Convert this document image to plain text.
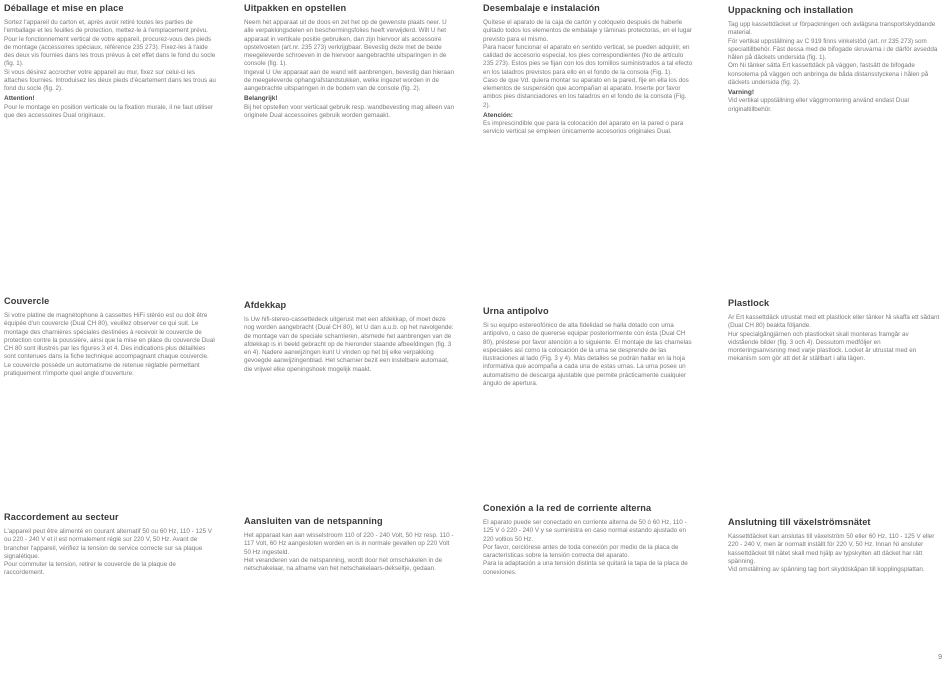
Déballage et mise en place

Sortez l'appareil du carton et, après avoir retiré toutes les parties de l'emballage et les feuilles de protection, mettez-le à l'emplacement prévu.

Pour le fonctionnement vertical de votre appareil, procurez-vous des pieds de montage (accessoires spéciaux, référence 235 273). Fixez-les à l'aide des deux vis fournies dans les trous prévus à cet effet dans le fond du socle (fig. 1).

Si vous désirez accrocher votre appareil au mur, fixez sur celui-ci les attaches fournies. Introduisez les deux pieds d'écartement dans les trous au fond du socle (fig. 2).

Attention!

Pour le montage en position verticale ou la fixation murale, il ne faut utiliser que des accessoires Dual originaux.

Couvercle

Si votre platine de magnétophone à cassettes HiFi stéréo est ou doit être équipée d'un couvercle (Dual CH 80), veuillez observer ce qui suit. Le montage des charnières spéciales destinées à recevoir le couvercle de protection contre la poussière, ainsi que la mise en place du couvercle Dual CH 80 sont illustrés par les figures 3 et 4. Des indications plus détaillées sont contenues dans la fiche technique accompagnant chaque couvercle. Le couvercle possède un automatisme de retenue réglable permettant pratiquement n'importe quel angle d'ouverture.

Raccordement au secteur

L'appareil peut être alimenté en courant alternatif 50 ou 60 Hz, 110 - 125 V ou 220 - 240 V et il est normalement réglé sur 220 V, 50 Hz. Avant de brancher l'appareil, vérifiez la tension de service correcte sur sa plaque signalétique.

Pour commuter la tension, retirer le couvercle de la plaque de raccordement.

Uitpakken en opstellen

Neem het apparaat uit de doos en zet het op de gewenste plaats neer. U alle verpakkingsdelen en beschermingsfolies heeft verwijderd. Wilt U het apparaat in vertikale positie gebruiken, dan zijn hiervoor als accessoire opstelvoeten (art.nr. 235 273) verkrijgbaar. Bevestig deze met de beide meegeleverde schroeven in de hiervoor aangebrachte uitsparingen in de console (fig. 1).

Ingeval U Uw apparaat aan de wand wilt aanbrengen, bevestig dan hieraan de meegeleverde ophang/afstandstukken, welke ingezet worden in de aangebrachte uitsparingen in de bodem van de console (fig. 2).

Belangrijk!

Bij het opstellen voor verticaal gebruik resp. wandbevesting mag alleen van originele Dual accessoires gebruik worden gemaakt.

Afdekkap

Is Uw hifi-stereo-cassettedeck uitgerust met een afdekkap, of moet deze nog worden aangebracht (Dual CH 80), let U dan a.u.b. op het navolgende: de montage van de speciale scharnieren, alsmede het aanbrengen van de afdekkap is in beeld gebracht op de hieronder staande afbeeldingen (fig. 3 en 4). Nadere aanwijzingen kunt U vinden op het bij elke verpakking gevoegde aanwijzingenblad. Het scharnier bezit een instelbare automaat, die vrijwel elke openingshoek mogelijk maakt.

Aansluiten van de netspanning

Het apparaat kan aan wisselstroom 110 of 220 - 240 Volt, 50 Hz resp. 110 - 117 Volt, 60 Hz aangesloten worden en is in normale gevallen op 220 Volt 50 Hz ingesteld.

Het veranderen van de netspanning, wordt door het omschakelen in de netschakelaar, na afname van het netschakelaars-dekseltje, gedaan.

Desembalaje e instalación

Quítese el aparato de la caja de cartón y colóquelo después de haberle quitado todos los elementos de embalaje y láminas protectoras, en el lugar previsto para el mismo.

Para hacer funcionar el aparato en sentido vertical, se pueden adquirir, en calidad de accesorio especial, los pies correspondientes (No de artículo 235 273). Estos pies se fijan con los dos tornillos suministrados a tal efecto en los taladros previstos para ello en el fondo de la consola (Fig. 1).

Caso de que Vd. quiera montar su aparato en la pared, fije en ella los dos elementos de suspensión que acompañan al aparato. Inserte por favor ambos pies distanciadores en los taladros en el fondo de la consola (Fig. 2).

Atención:

Es imprescindible que para la colocación del aparato en la pared o para servicio vertical se empleen únicamente accesorios originales Dual.

Urna antipolvo

Si su equipo estereofónico de alta fidelidad se halla dotado con urna antipolvo, o caso de quererse equipar posteriormente con ésta (Dual CH 80), préstese por favor atención a lo siguiente. El montaje de las charnelas especiales así como la colocación de la urna se desprende de las ilustraciones al lado (Fig. 3 y 4). Más detalles se podrán hallar en la hoja informativa que acompaña a cada una de estas urnas. La urna posee un automatismo de descarga ajustable que permite prácticamente cualquier ángulo de apertura.

Conexión a la red de corriente alterna

El aparato puede ser conectado en corriente alterna de 50 ó 60 Hz, 110 - 125 V ó 220 - 240 V y se suministra en caso normal estando ajustado en 220 voltios 50 Hz.

Por favor, cerciórese antes de toda conexión por medio de la placa de características sobre la tensión correcta del aparato.

Para la adaptación a una tensión distinta se quitará la tapa de la placa de conexiones.

Uppackning och installation

Tag upp kassettdäcket ur förpackningen och avlägsna transportskyddande material.

För vertikal uppställning av C 919 finns vinkelstöd (art. nr 235 273) som specialtillbehör. Fäst dessa med de bifogade skruvarna i de därför avsedda hålen på däckets undersida (fig. 1).

Om Ni tänker sätta Ert kassettdäck på väggen, fastsätt de bifogade konsolerna på väggen och anbringa de båda distansstyckena i hålen på däckets undersida (fig. 2).

Varning!

Vid vertikal uppställning eller väggmontering använd endast Dual originaltillbehör.

Plastlock

Är Ert kassettdäck utrustat med ett plastlock eller tänker Ni skaffa ett sådant (Dual CH 80) beakta följande.

Hur specialgångjärnen och plastlocket skall monteras framgår av vidstående bilder (fig. 3 och 4). Dessutom medföljer en monteringsanvisning med varje plastlock. Locket är utrustat med en mekanism som gör att det är ställbart i alla lägen.

Anslutning till växelströmsnätet

Kassettdäcket kan anslutas till växelström 50 eller 60 Hz, 110 - 125 V eller 220 - 240 V, men är normalt inställt för 220 V, 50 Hz. Innan Ni ansluter kassettdäcket till nätet skall med hjälp av typskylten att däcket har rätt spänning.

Vid omställning av spänning tag bort skyddskåpan till kopplingsplattan.

9
